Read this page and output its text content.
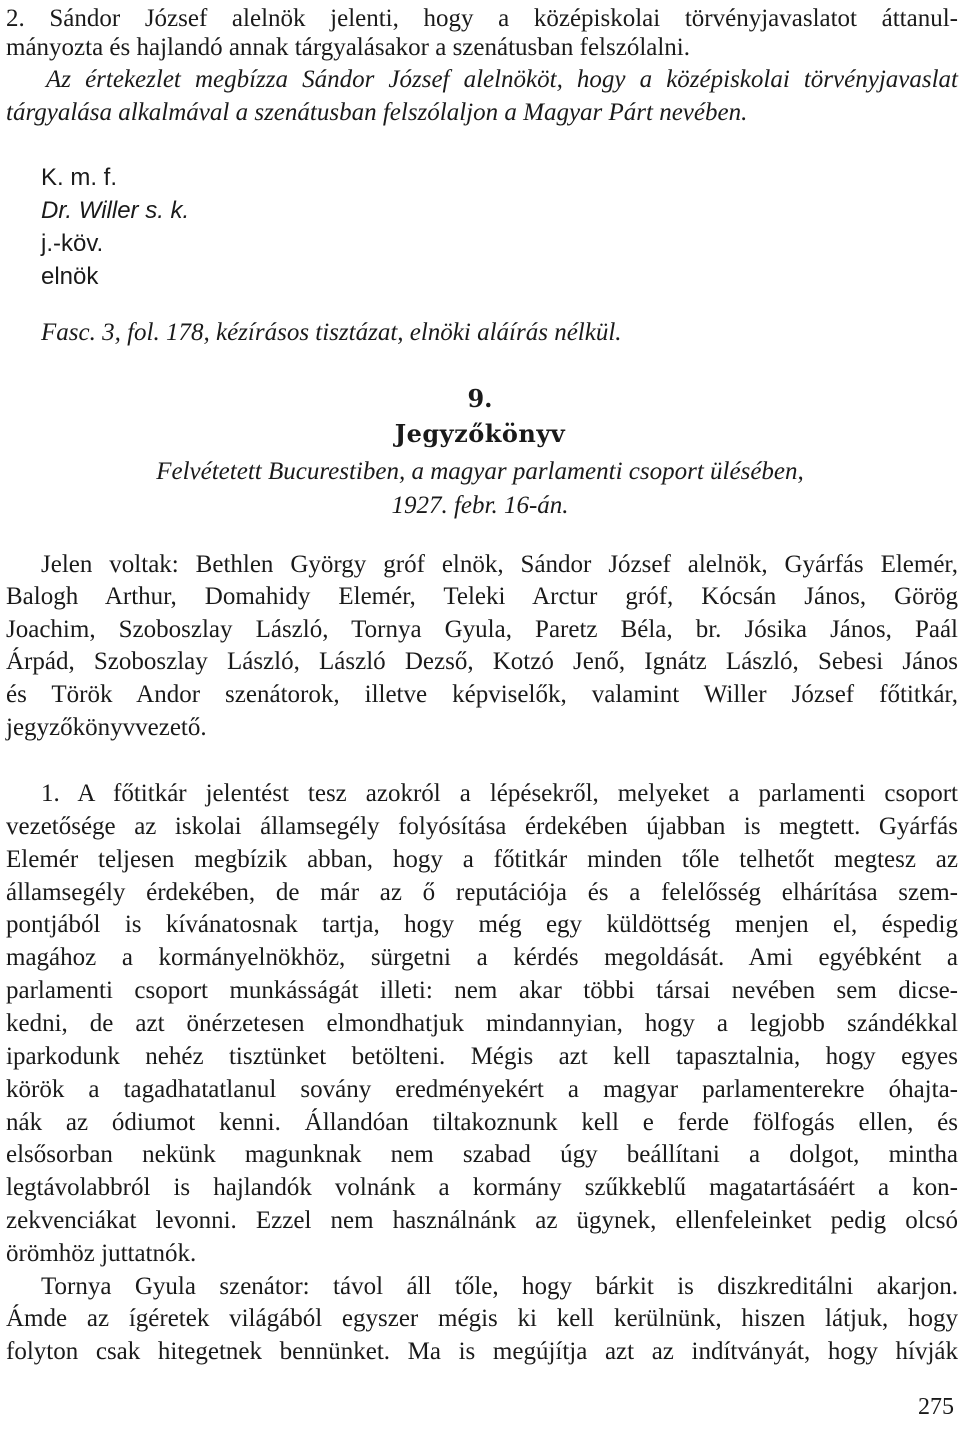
2. Sándor József alelnök jelenti, hogy a középiskolai törvényjavaslatot áttanul-
mányozta és hajlandó annak tárgyalásakor a szenátusban felszólalni.
Az értekezlet megbízza Sándor József alelnököt, hogy a középiskolai törvényjavaslat
tárgyalása alkalmával a szenátusban felszólaljon a Magyar Párt nevében.
K. m. f.
Dr. Willer s. k.
j.-köv.
elnök
Fasc. 3, fol. 178, kézírásos tisztázat, elnöki aláírás nélkül.
9.
Jegyzőkönyv
Felvétetett Bucurestiben, a magyar parlamenti csoport ülésében,
1927. febr. 16-án.
Jelen voltak: Bethlen György gróf elnök, Sándor József alelnök, Gyárfás Elemér,
Balogh Arthur, Domahidy Elemér, Teleki Arctur gróf, Kócsán János, Görög
Joachim, Szoboszlay László, Tornya Gyula, Paretz Béla, br. Jósika János, Paál
Árpád, Szoboszlay László, László Dezső, Kotzó Jenő, Ignátz László, Sebesi János
és Török Andor szenátorok, illetve képviselők, valamint Willer József főtitkár,
jegyzőkönyvvezető.
1. A főtitkár jelentést tesz azokról a lépésekről, melyeket a parlamenti csoport
vezetősége az iskolai államsegély folyósítása érdekében újabban is megtett. Gyárfás
Elemér teljesen megbízik abban, hogy a főtitkár minden tőle telhetőt megtesz az
államsegély érdekében, de már az ő reputációja és a felelősség elhárítása szem-
pontjából is kívánatosnak tartja, hogy még egy küldöttség menjen el, éspedig
magához a kormányelnökhöz, sürgetni a kérdés megoldását. Ami egyébként a
parlamenti csoport munkásságát illeti: nem akar többi társai nevében sem dicse-
kedni, de azt önérzetesen elmondhatjuk mindannyian, hogy a legjobb szándékkal
iparkodunk nehéz tisztünket betölteni. Mégis azt kell tapasztalnia, hogy egyes
körök a tagadhatatlanul sovány eredményekért a magyar parlamenterekre óhajta-
nák az ódiumot kenni. Állandóan tiltakoznunk kell e ferde fölfogás ellen, és
elsősorban nekünk magunknak nem szabad úgy beállítani a dolgot, mintha
legtávolabbról is hajlandók volnánk a kormány szűkkeblű magatartásáért a kon-
zekvenciákat levonni. Ezzel nem használnánk az ügynek, ellenfeleinket pedig olcsó
örömhöz juttatnók.
Tornya Gyula szenátor: távol áll tőle, hogy bárkit is diszkreditálni akarjon.
Ámde az ígéretek világából egyszer mégis ki kell kerülnünk, hiszen látjuk, hogy
folyton csak hitegetnek bennünket. Ma is megújítja azt az indítványát, hogy hívják
275
